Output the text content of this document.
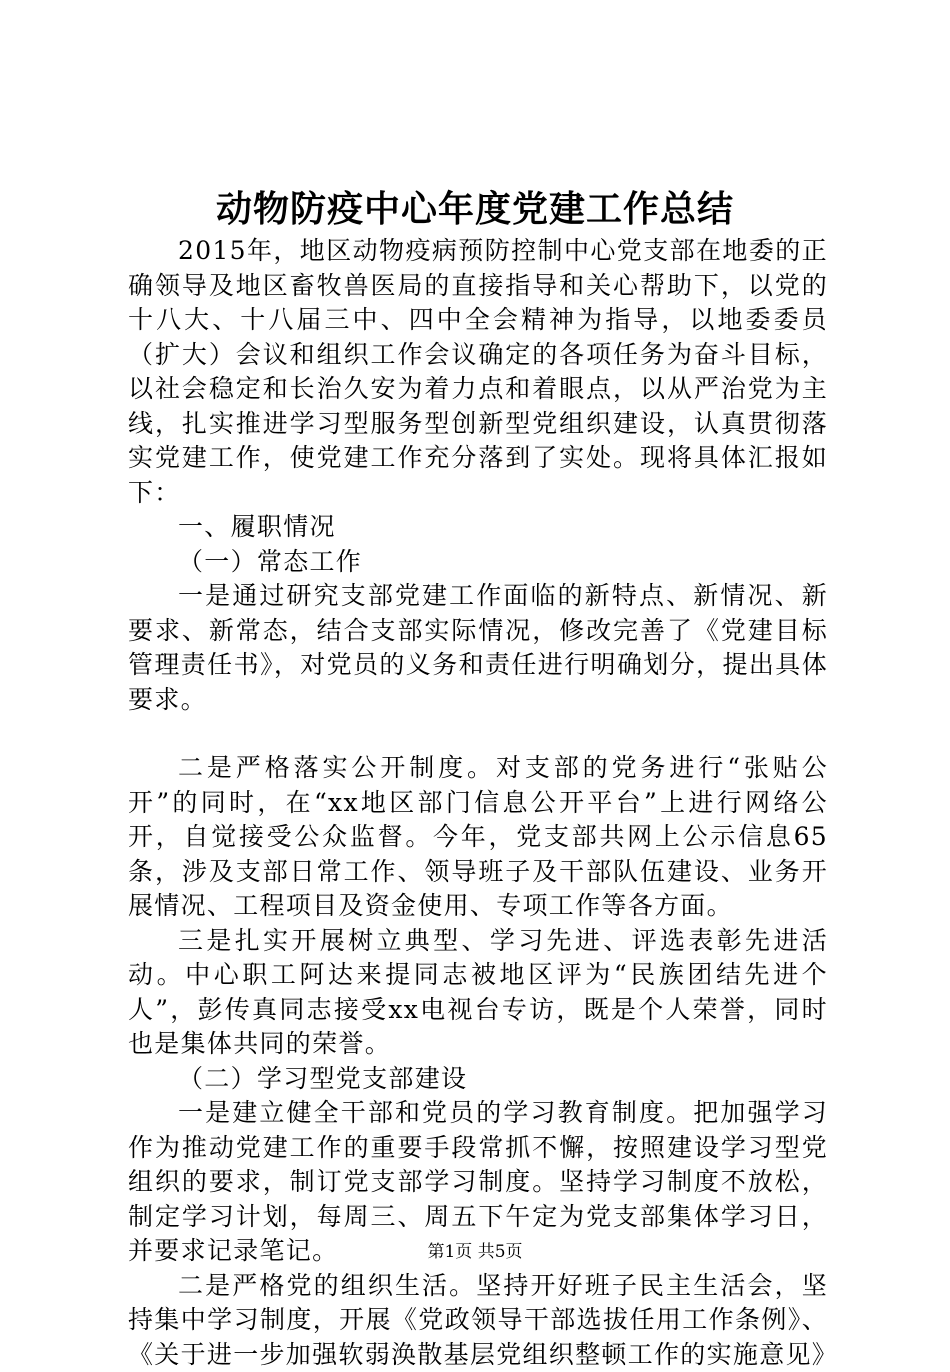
动物防疫中心年度党建工作总结

2015年，地区动物疫病预防控制中心党支部在地委的正确领导及地区畜牧兽医局的直接指导和关心帮助下，以党的十八大、十八届三中、四中全会精神为指导，以地委委员（扩大）会议和组织工作会议确定的各项任务为奋斗目标，以社会稳定和长治久安为着力点和着眼点，以从严治党为主线，扎实推进学习型服务型创新型党组织建设，认真贯彻落实党建工作，使党建工作充分落到了实处。现将具体汇报如下：

一、履职情况

（一）常态工作

一是通过研究支部党建工作面临的新特点、新情况、新要求、新常态，结合支部实际情况，修改完善了《党建目标管理责任书》，对党员的义务和责任进行明确划分，提出具体要求。

二是严格落实公开制度。对支部的党务进行“张贴公开”的同时，在“xx地区部门信息公开平台”上进行网络公开，自觉接受公众监督。今年，党支部共网上公示信息65条，涉及支部日常工作、领导班子及干部队伍建设、业务开展情况、工程项目及资金使用、专项工作等各方面。

三是扎实开展树立典型、学习先进、评选表彰先进活动。中心职工阿达来提同志被地区评为“民族团结先进个人”，彭传真同志接受xx电视台专访，既是个人荣誉，同时也是集体共同的荣誉。

（二）学习型党支部建设

一是建立健全干部和党员的学习教育制度。把加强学习作为推动党建工作的重要手段常抓不懈，按照建设学习型党组织的要求，制订党支部学习制度。坚持学习制度不放松，制定学习计划，每周三、周五下午定为党支部集体学习日，并要求记录笔记。

二是严格党的组织生活。坚持开好班子民主生活会，坚持集中学习制度，开展《党政领导干部选拔任用工作条例》、《关于进一步加强软弱涣散基层党组织整顿工作的实施意见》

第1页 共5页
